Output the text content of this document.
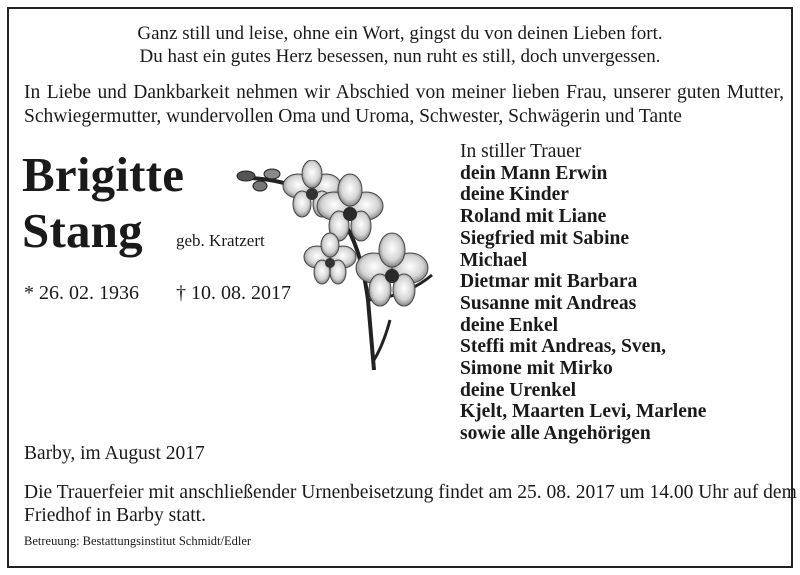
Ganz still und leise, ohne ein Wort, gingst du von deinen Lieben fort.
Du hast ein gutes Herz besessen, nun ruht es still, doch unvergessen.
In Liebe und Dankbarkeit nehmen wir Abschied von meiner lieben Frau, unserer guten Mutter,
Schwiegermutter, wundervollen Oma und Uroma, Schwester, Schwägerin und Tante
Brigitte
Stang geb. Kratzert
* 26. 02. 1936 † 10. 08. 2017
In stiller Trauer
dein Mann Erwin
deine Kinder
Roland mit Liane
Siegfried mit Sabine
Michael
Dietmar mit Barbara
Susanne mit Andreas
deine Enkel
Steffi mit Andreas, Sven,
Simone mit Mirko
deine Urenkel
Kjelt, Maarten Levi, Marlene
sowie alle Angehörigen
Barby, im August 2017
Die Trauerfeier mit anschließender Urnenbeisetzung findet am 25. 08. 2017 um 14.00 Uhr auf dem
Friedhof in Barby statt.
Betreuung: Bestattungsinstitut Schmidt/Edler
